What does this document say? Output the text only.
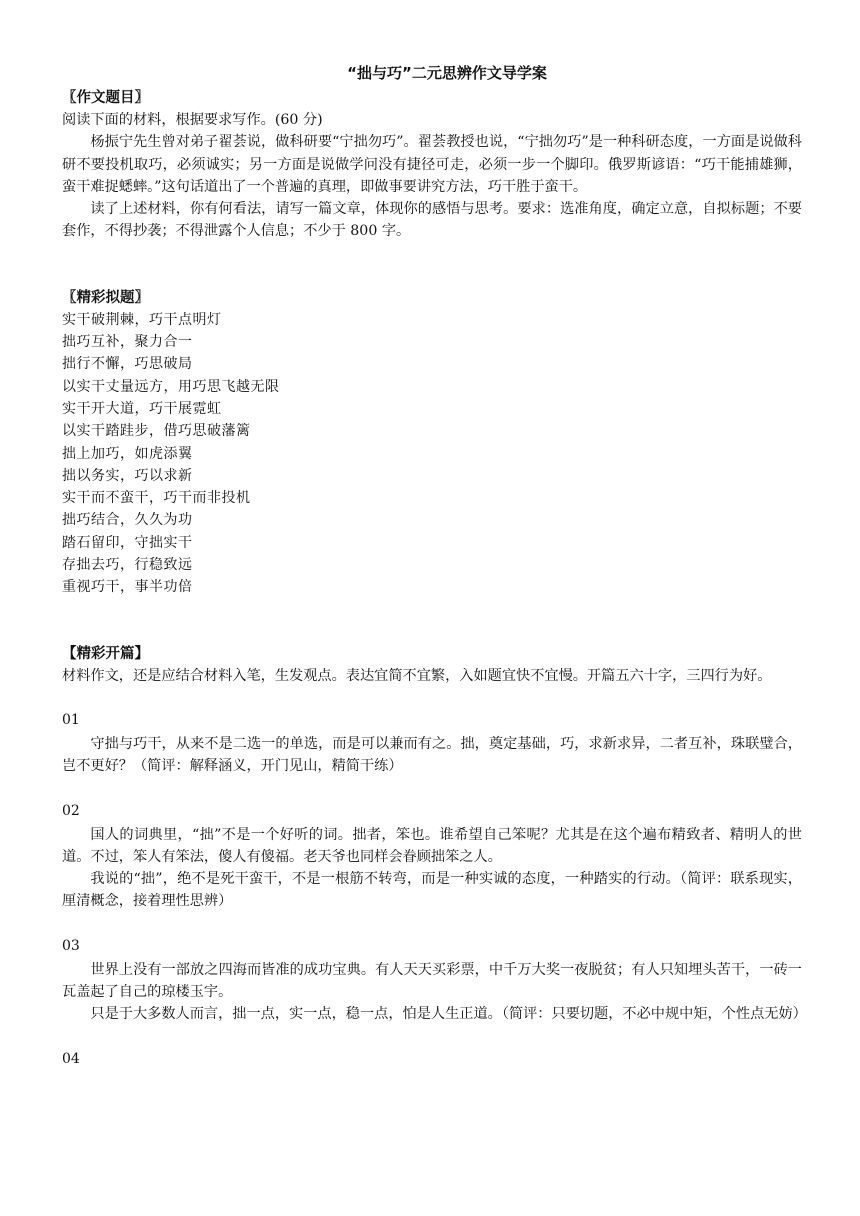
“拙与巧”二元思辨作文导学案
〖作文题目〗

阅读下面的材料，根据要求写作。(60 分)

杨振宁先生曾对弟子翟荟说，做科研要“宁拙勿巧”。翟荟教授也说，“宁拙勿巧”是一种科研态度，一方面是说做科研不要投机取巧，必须诚实；另一方面是说做学问没有捷径可走，必须一步一个脚印。俄罗斯谚语：“巧干能捕雄狮，蛮干难捉蟋蟀。”这句话道出了一个普遍的真理，即做事要讲究方法，巧干胜于蛮干。

读了上述材料，你有何看法，请写一篇文章，体现你的感悟与思考。要求：选准角度，确定立意，自拟标题；不要套作，不得抄袭；不得泄露个人信息；不少于 800 字。

〖精彩拟题〗
实干破荆棘，巧干点明灯
拙巧互补，聚力合一
拙行不懈，巧思破局
以实干丈量远方，用巧思飞越无限
实干开大道，巧干展霓虹
以实干踏跬步，借巧思破藩篱
拙上加巧，如虎添翼
拙以务实，巧以求新
实干而不蛮干，巧干而非投机
拙巧结合，久久为功
踏石留印，守拙实干
存拙去巧，行稳致远
重视巧干，事半功倍
【精彩开篇】

材料作文，还是应结合材料入笔，生发观点。表达宜简不宜繁，入如题宜快不宜慢。开篇五六十字，三四行为好。

01

守拙与巧干，从来不是二选一的单选，而是可以兼而有之。拙，奠定基础，巧，求新求异，二者互补，珠联璧合，岂不更好？（简评：解释涵义，开门见山，精简干练）

02

国人的词典里，“拙”不是一个好听的词。拙者，笨也。谁希望自己笨呢？尤其是在这个遍布精致者、精明人的世道。不过，笨人有笨法，傻人有傻福。老天爷也同样会眷顾拙笨之人。

我说的“拙”，绝不是死干蛮干，不是一根筋不转弯，而是一种实诚的态度，一种踏实的行动。（简评：联系现实，厘清概念，接着理性思辨）

03

世界上没有一部放之四海而皆准的成功宝典。有人天天买彩票，中千万大奖一夜脱贫；有人只知埋头苦干，一砖一瓦盖起了自己的琼楼玉宇。

只是于大多数人而言，拙一点，实一点，稳一点，怕是人生正道。（简评：只要切题，不必中规中矩，个性点无妨）

04
